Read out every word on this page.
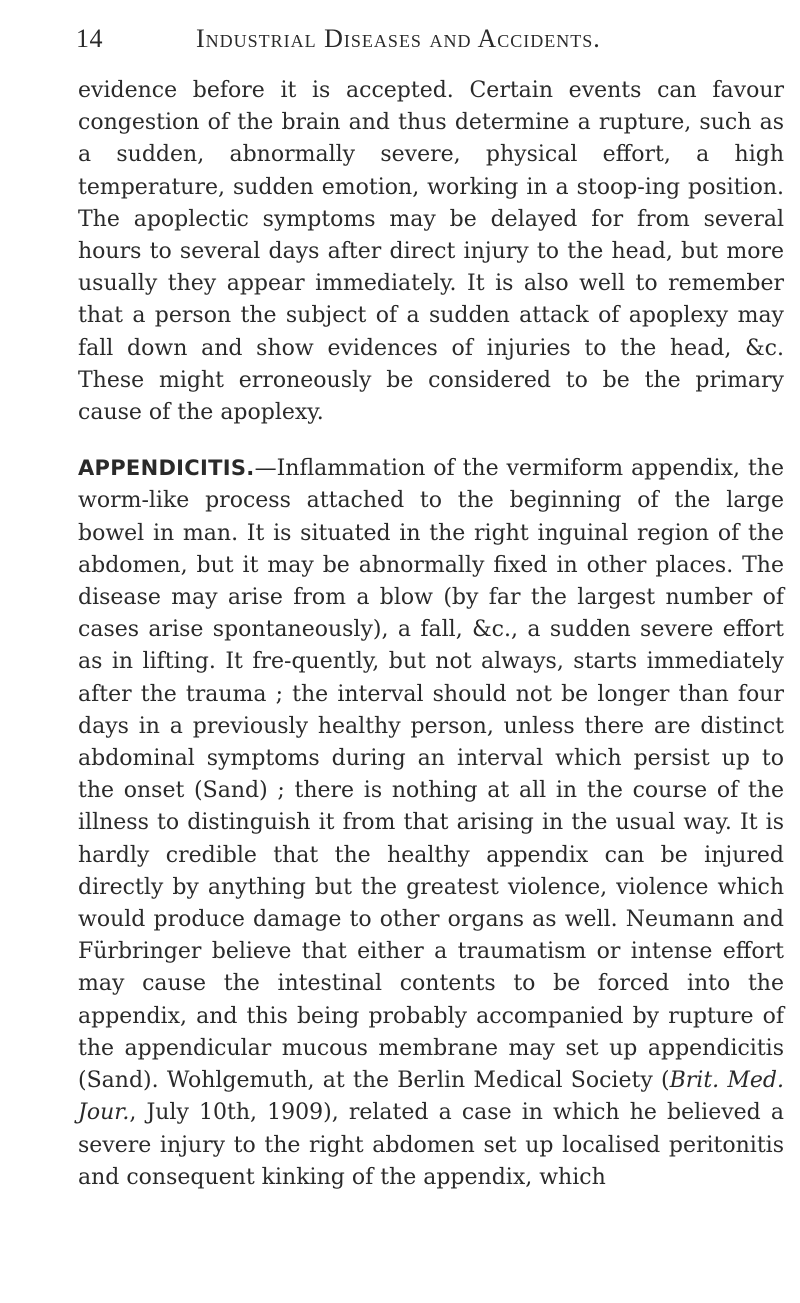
14	Industrial Diseases and Accidents.

evidence before it is accepted. Certain events can favour congestion of the brain and thus determine a rupture, such as a sudden, abnormally severe, physical effort, a high temperature, sudden emotion, working in a stoop-ing position. The apoplectic symptoms may be delayed for from several hours to several days after direct injury to the head, but more usually they appear immediately. It is also well to remember that a person the subject of a sudden attack of apoplexy may fall down and show evidences of injuries to the head, &c. These might erroneously be considered to be the primary cause of the apoplexy.

APPENDICITIS.—Inflammation of the vermiform appendix, the worm-like process attached to the beginning of the large bowel in man. It is situated in the right inguinal region of the abdomen, but it may be abnormally fixed in other places. The disease may arise from a blow (by far the largest number of cases arise spontaneously), a fall, &c., a sudden severe effort as in lifting. It fre-quently, but not always, starts immediately after the trauma ; the interval should not be longer than four days in a previously healthy person, unless there are distinct abdominal symptoms during an interval which persist up to the onset (Sand) ; there is nothing at all in the course of the illness to distinguish it from that arising in the usual way. It is hardly credible that the healthy appendix can be injured directly by anything but the greatest violence, violence which would produce damage to other organs as well. Neumann and Fürbringer believe that either a traumatism or intense effort may cause the intestinal contents to be forced into the appendix, and this being probably accompanied by rupture of the appendicular mucous membrane may set up appendicitis (Sand). Wohlgemuth, at the Berlin Medical Society (Brit. Med. Jour., July 10th, 1909), related a case in which he believed a severe injury to the right abdomen set up localised peritonitis and consequent kinking of the appendix, which
